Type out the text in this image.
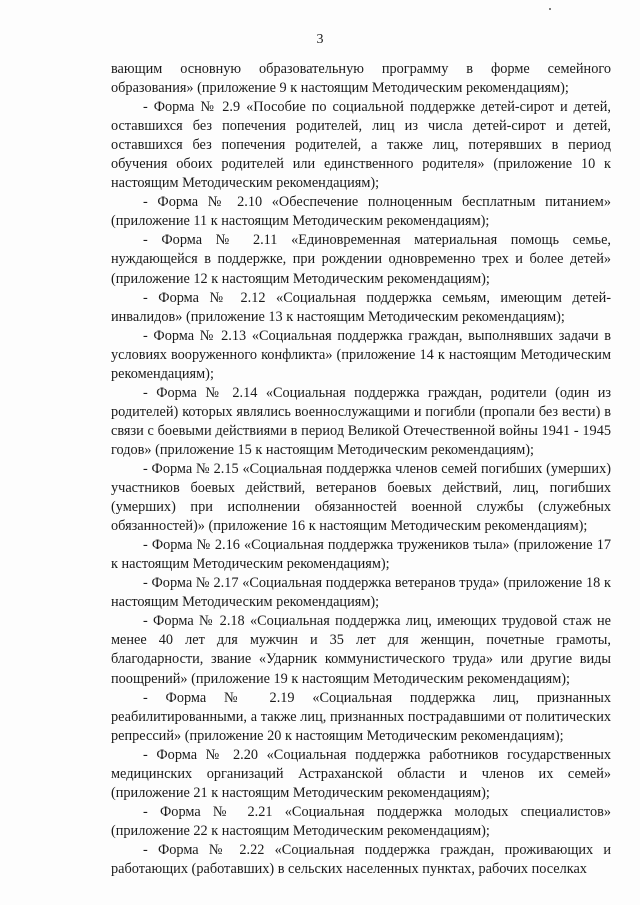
3

вающим основную образовательную программу в форме семейного образования» (приложение 9 к настоящим Методическим рекомендациям);

- Форма № 2.9 «Пособие по социальной поддержке детей-сирот и детей, оставшихся без попечения родителей, лиц из числа детей-сирот и детей, оставшихся без попечения родителей, а также лиц, потерявших в период обучения обоих родителей или единственного родителя» (приложение 10 к настоящим Методическим рекомендациям);

- Форма № 2.10 «Обеспечение полноценным бесплатным питанием» (приложение 11 к настоящим Методическим рекомендациям);

- Форма № 2.11 «Единовременная материальная помощь семье, нуждающейся в поддержке, при рождении одновременно трех и более детей» (приложение 12 к настоящим Методическим рекомендациям);

- Форма № 2.12 «Социальная поддержка семьям, имеющим детей-инвалидов» (приложение 13 к настоящим Методическим рекомендациям);

- Форма № 2.13 «Социальная поддержка граждан, выполнявших задачи в условиях вооруженного конфликта» (приложение 14 к настоящим Методическим рекомендациям);

- Форма № 2.14 «Социальная поддержка граждан, родители (один из родителей) которых являлись военнослужащими и погибли (пропали без вести) в связи с боевыми действиями в период Великой Отечественной войны 1941 - 1945 годов» (приложение 15 к настоящим Методическим рекомендациям);

- Форма № 2.15 «Социальная поддержка членов семей погибших (умерших) участников боевых действий, ветеранов боевых действий, лиц, погибших (умерших) при исполнении обязанностей военной службы (служебных обязанностей)» (приложение 16 к настоящим Методическим рекомендациям);

- Форма № 2.16 «Социальная поддержка тружеников тыла» (приложение 17 к настоящим Методическим рекомендациям);

- Форма № 2.17 «Социальная поддержка ветеранов труда» (приложение 18 к настоящим Методическим рекомендациям);

- Форма № 2.18 «Социальная поддержка лиц, имеющих трудовой стаж не менее 40 лет для мужчин и 35 лет для женщин, почетные грамоты, благодарности, звание «Ударник коммунистического труда» или другие виды поощрений» (приложение 19 к настоящим Методическим рекомендациям);

- Форма № 2.19 «Социальная поддержка лиц, признанных реабилитированными, а также лиц, признанных пострадавшими от политических репрессий» (приложение 20 к настоящим Методическим рекомендациям);

- Форма № 2.20 «Социальная поддержка работников государственных медицинских организаций Астраханской области и членов их семей» (приложение 21 к настоящим Методическим рекомендациям);

- Форма № 2.21 «Социальная поддержка молодых специалистов» (приложение 22 к настоящим Методическим рекомендациям);

- Форма № 2.22 «Социальная поддержка граждан, проживающих и работающих (работавших) в сельских населенных пунктах, рабочих поселках
